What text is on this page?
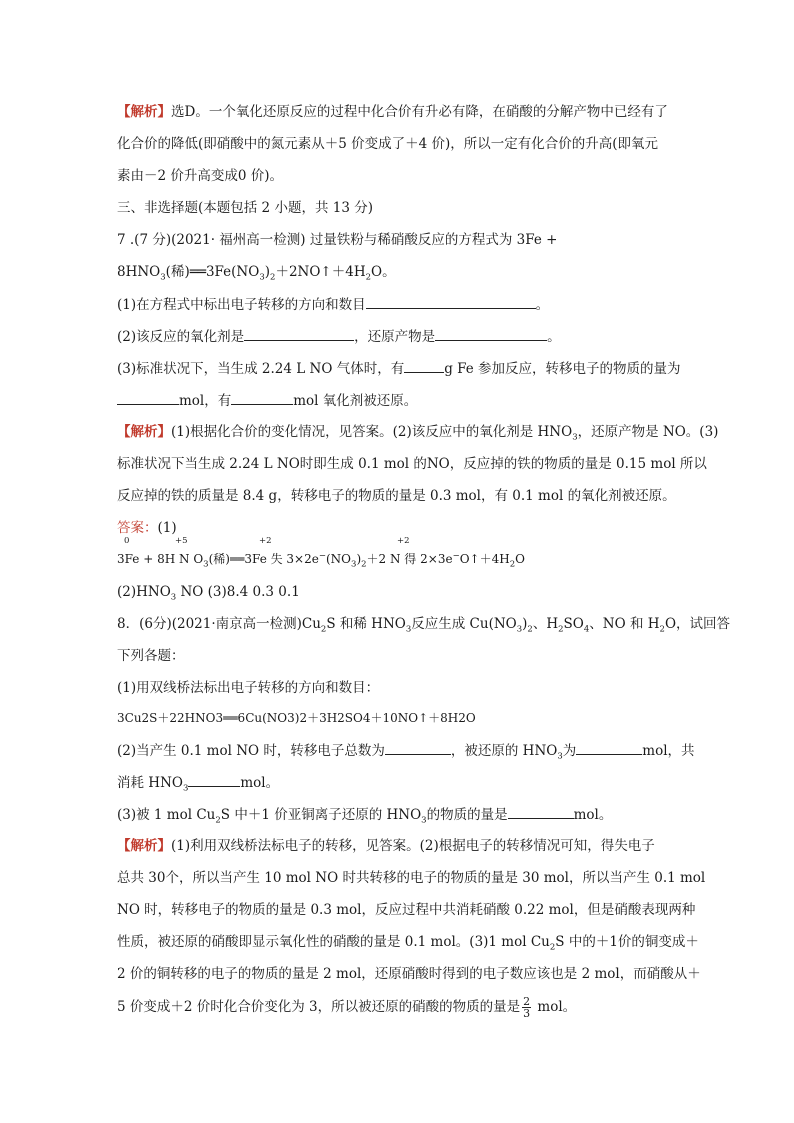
【解析】选D。一个氧化还原反应的过程中化合价有升必有降，在硝酸的分解产物中已经有了
化合价的降低(即硝酸中的氮元素从＋5 价变成了＋4 价)，所以一定有化合价的升高(即氧元
素由－2 价升高变成0 价)。
三、非选择题(本题包括 2 小题，共 13 分)
7 .(7 分)(2021· 福州高一检测) 过量铁粉与稀硝酸反应的方程式为 3Fe +
$8HNO_3$(稀)$══3Fe(NO_3)_2+2NO↑+4H_2O$。
(1)在方程式中标出电子转移的方向和数目	。
(2)该反应的氧化剂是	，还原产物是	。
(3)标准状况下，当生成 2.24 L NO 气体时，有	g Fe 参加反应，转移电子的物质的量为
mol，有	mol 氧化剂被还原。
【解析】(1)根据化合价的变化情况，见答案。(2)该反应中的氧化剂是 $HNO_3$，还原产物是 NO。(3)
标准状况下当生成 2.24 L NO时即生成 0.1 mol 的NO，反应掉的铁的物质的量是 0.15 mol 所以
反应掉的铁的质量是 8.4 g，转移电子的物质的量是 0.3 mol，有 0.1 mol 的氧化剂被还原。
答案：(1)
0	+5	+2	+2
3Fe + 8H N $O_3$(稀)══3Fe 失 $3\times 2e^-(NO_3)_2+2$ N 得 $2\times 3e^-O↑+4H_2O$
$(2)HNO_3$ NO (3)8.4 0.3 0.1
8．(6分)(2021·南京高一检测)$Cu_2S$ 和稀 $HNO_3$反应生成 $Cu(NO_3)_2$、$H_2SO_4$、NO 和 $H_2O$，试回答
下列各题：
(1)用双线桥法标出电子转移的方向和数目：
3Cu2S＋22HNO3══6Cu(NO3)2＋3H2SO4＋10NO↑＋8H2O
(2)当产生 0.1 mol NO 时，转移电子总数为	，被还原的 $HNO_3$为	mol，共
消耗 $HNO_3$	mol。
(3)被 1 mol $Cu_2S$ 中＋1 价亚铜离子还原的 $HNO_3$的物质的量是	mol。
【解析】(1)利用双线桥法标电子的转移，见答案。(2)根据电子的转移情况可知，得失电子
总共 30个，所以当产生 10 mol NO 时共转移的电子的物质的量是 30 mol，所以当产生 0.1 mol
NO 时，转移电子的物质的量是 0.3 mol，反应过程中共消耗硝酸 0.22 mol，但是硝酸表现两种
性质，被还原的硝酸即显示氧化性的硝酸的量是 0.1 mol。(3)1 mol $Cu_2S$ 中的＋1价的铜变成＋
2 价的铜转移的电子的物质的量是 2 mol，还原硝酸时得到的电子数应该也是 2 mol，而硝酸从＋
5 价变成＋2 价时化合价变化为 3，所以被还原的硝酸的物质的量是 $\frac{2}{3}$ mol。
